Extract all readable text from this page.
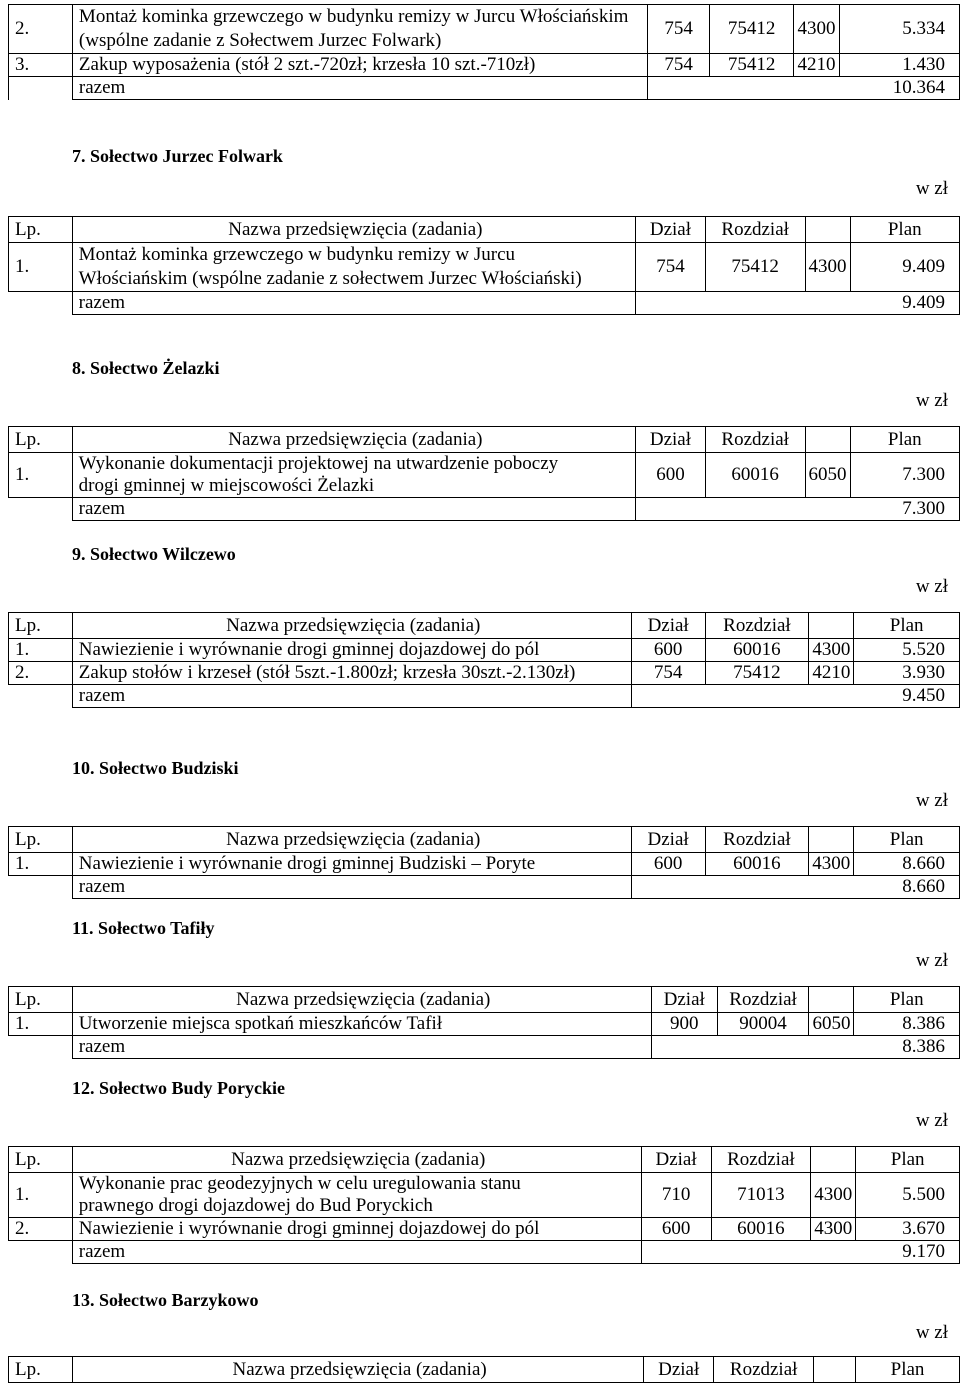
2.	Montaż kominka grzewczego w budynku remizy w Jurcu Włościańskim (wspólne zadanie z Sołectwem Jurzec Folwark)	754	75412	4300	5.334
3.	Zakup wyposażenia (stół 2 szt.-720zł; krzesła 10 szt.-710zł)	754	75412	4210	1.430
	razem				10.364
7. Sołectwo Jurzec Folwark
w zł
Lp.	Nazwa przedsięwzięcia (zadania)	Dział	Rozdział		Plan
1.	Montaż kominka grzewczego w budynku remizy w Jurcu Włościańskim (wspólne zadanie z sołectwem Jurzec Włościański)	754	75412	4300	9.409
	razem				9.409
8. Sołectwo Żelazki
w zł
Lp.	Nazwa przedsięwzięcia (zadania)	Dział	Rozdział		Plan
1.	Wykonanie dokumentacji projektowej na utwardzenie poboczy drogi gminnej w miejscowości Żelazki	600	60016	6050	7.300
	razem				7.300
9. Sołectwo Wilczewo
w zł
Lp.	Nazwa przedsięwzięcia (zadania)	Dział	Rozdział		Plan
1.	Nawiezienie i wyrównanie drogi gminnej dojazdowej do pól	600	60016	4300	5.520
2.	Zakup stołów i krzeseł (stół 5szt.-1.800zł; krzesła 30szt.-2.130zł)	754	75412	4210	3.930
	razem				9.450
10. Sołectwo Budziski
w zł
Lp.	Nazwa przedsięwzięcia (zadania)	Dział	Rozdział		Plan
1.	Nawiezienie i wyrównanie drogi gminnej Budziski – Poryte	600	60016	4300	8.660
	razem				8.660
11. Sołectwo Tafiły
w zł
Lp.	Nazwa przedsięwzięcia (zadania)	Dział	Rozdział		Plan
1.	Utworzenie miejsca spotkań mieszkańców Tafił	900	90004	6050	8.386
	razem				8.386
12. Sołectwo Budy Poryckie
w zł
Lp.	Nazwa przedsięwzięcia (zadania)	Dział	Rozdział		Plan
1.	Wykonanie prac geodezyjnych w celu uregulowania stanu prawnego drogi dojazdowej do Bud Poryckich	710	71013	4300	5.500
2.	Nawiezienie i wyrównanie drogi gminnej dojazdowej do pól	600	60016	4300	3.670
	razem				9.170
13. Sołectwo Barzykowo
w zł
Lp.	Nazwa przedsięwzięcia (zadania)	Dział	Rozdział		Plan
